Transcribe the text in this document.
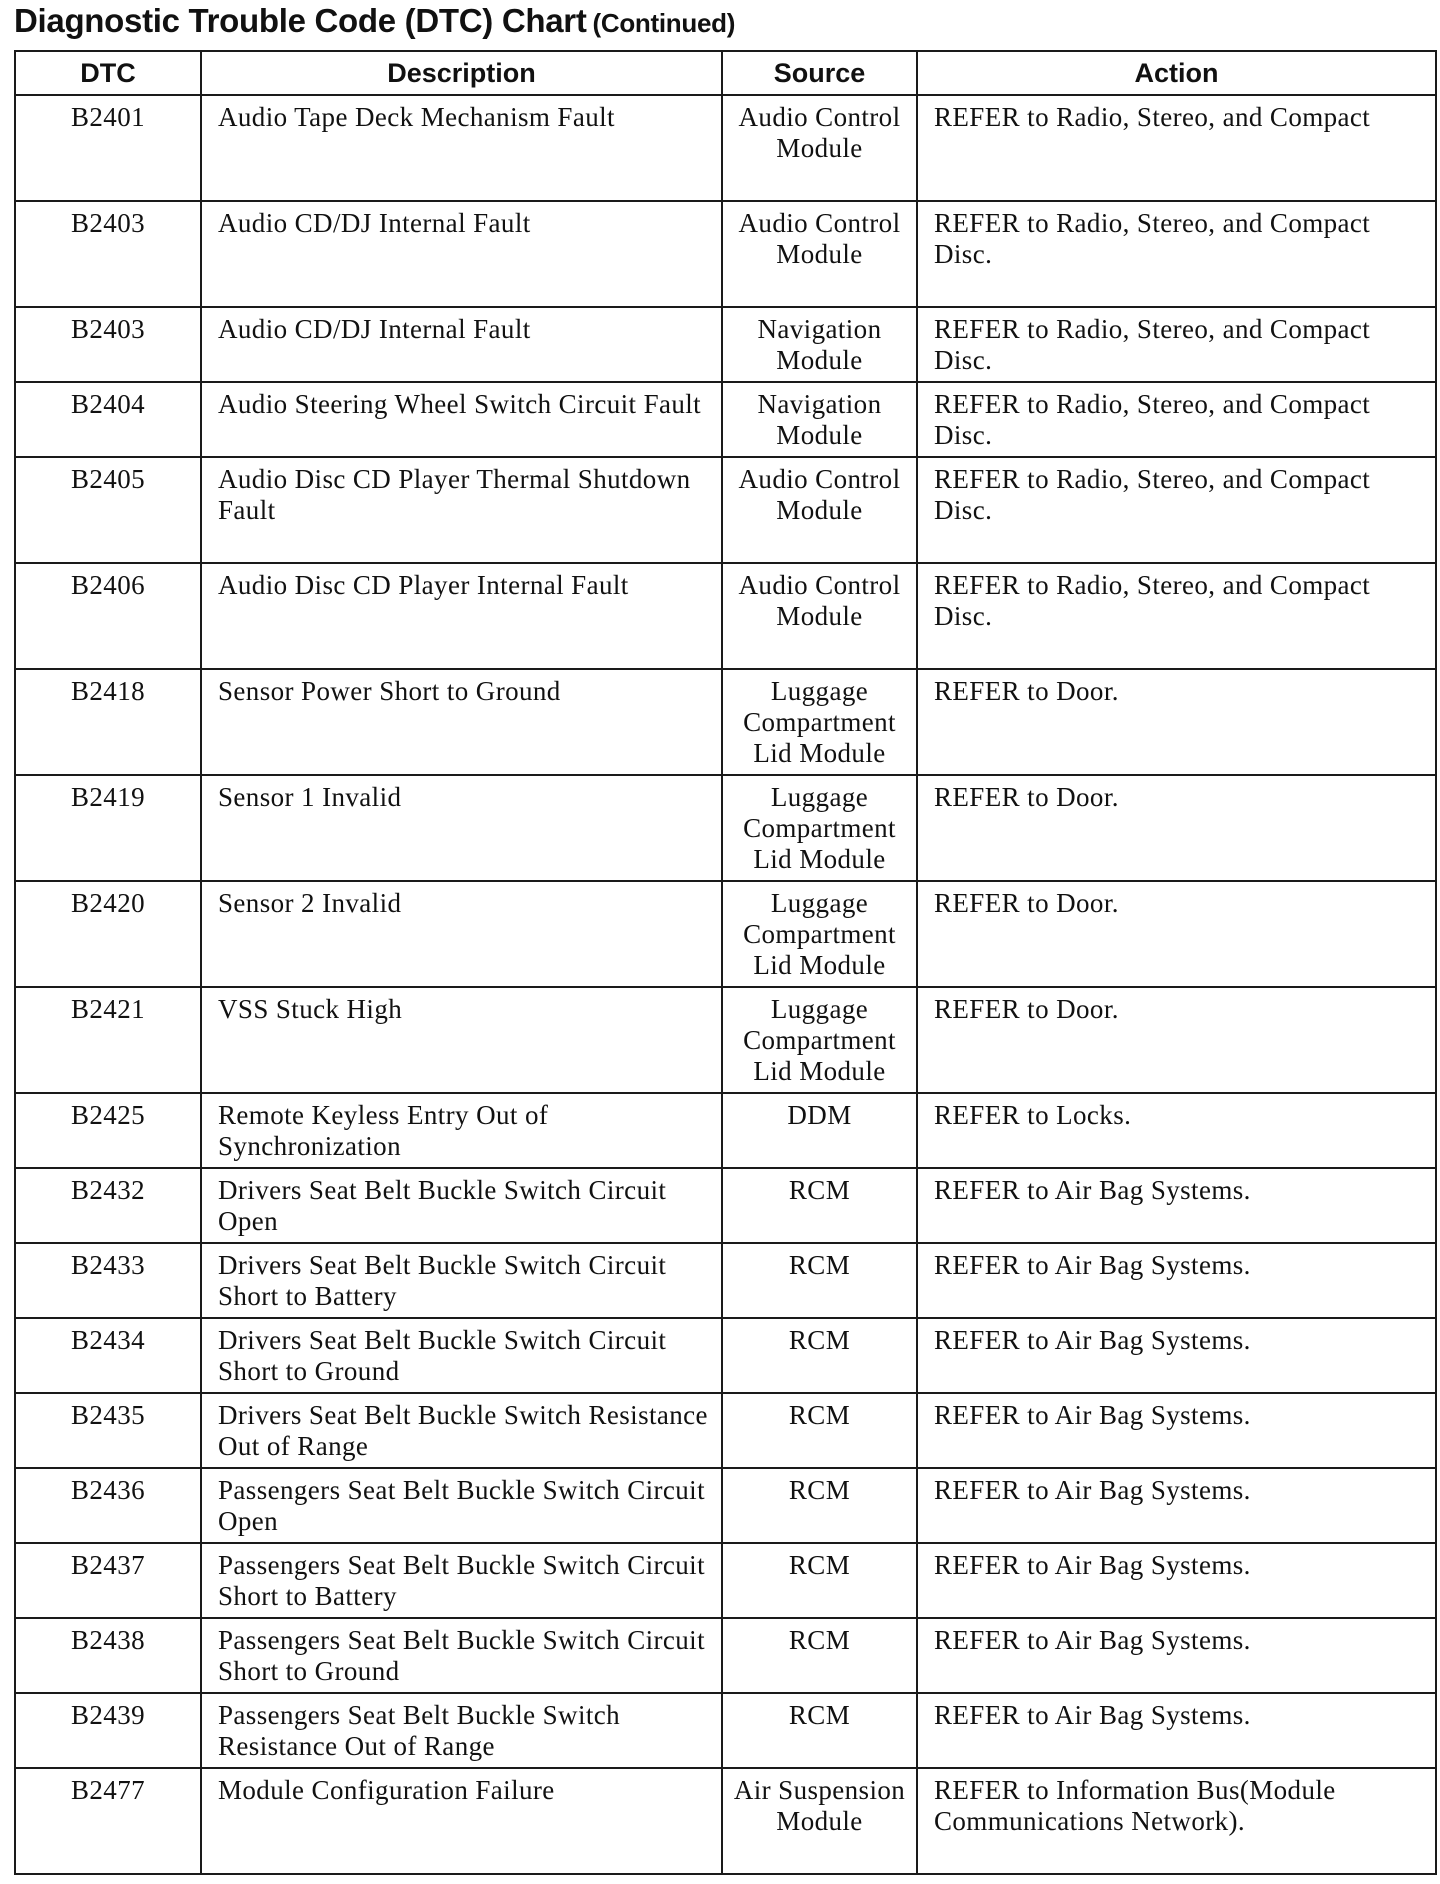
Diagnostic Trouble Code (DTC) Chart (Continued)
DTC	Description	Source	Action
B2401	Audio Tape Deck Mechanism Fault	Audio Control Module	REFER to Radio, Stereo, and Compact
B2403	Audio CD/DJ Internal Fault	Audio Control Module	REFER to Radio, Stereo, and Compact Disc.
B2403	Audio CD/DJ Internal Fault	Navigation Module	REFER to Radio, Stereo, and Compact Disc.
B2404	Audio Steering Wheel Switch Circuit Fault	Navigation Module	REFER to Radio, Stereo, and Compact Disc.
B2405	Audio Disc CD Player Thermal Shutdown Fault	Audio Control Module	REFER to Radio, Stereo, and Compact Disc.
B2406	Audio Disc CD Player Internal Fault	Audio Control Module	REFER to Radio, Stereo, and Compact Disc.
B2418	Sensor Power Short to Ground	Luggage Compartment Lid Module	REFER to Door.
B2419	Sensor 1 Invalid	Luggage Compartment Lid Module	REFER to Door.
B2420	Sensor 2 Invalid	Luggage Compartment Lid Module	REFER to Door.
B2421	VSS Stuck High	Luggage Compartment Lid Module	REFER to Door.
B2425	Remote Keyless Entry Out of Synchronization	DDM	REFER to Locks.
B2432	Drivers Seat Belt Buckle Switch Circuit Open	RCM	REFER to Air Bag Systems.
B2433	Drivers Seat Belt Buckle Switch Circuit Short to Battery	RCM	REFER to Air Bag Systems.
B2434	Drivers Seat Belt Buckle Switch Circuit Short to Ground	RCM	REFER to Air Bag Systems.
B2435	Drivers Seat Belt Buckle Switch Resistance Out of Range	RCM	REFER to Air Bag Systems.
B2436	Passengers Seat Belt Buckle Switch Circuit Open	RCM	REFER to Air Bag Systems.
B2437	Passengers Seat Belt Buckle Switch Circuit Short to Battery	RCM	REFER to Air Bag Systems.
B2438	Passengers Seat Belt Buckle Switch Circuit Short to Ground	RCM	REFER to Air Bag Systems.
B2439	Passengers Seat Belt Buckle Switch Resistance Out of Range	RCM	REFER to Air Bag Systems.
B2477	Module Configuration Failure	Air Suspension Module	REFER to Information Bus(Module Communications Network).
